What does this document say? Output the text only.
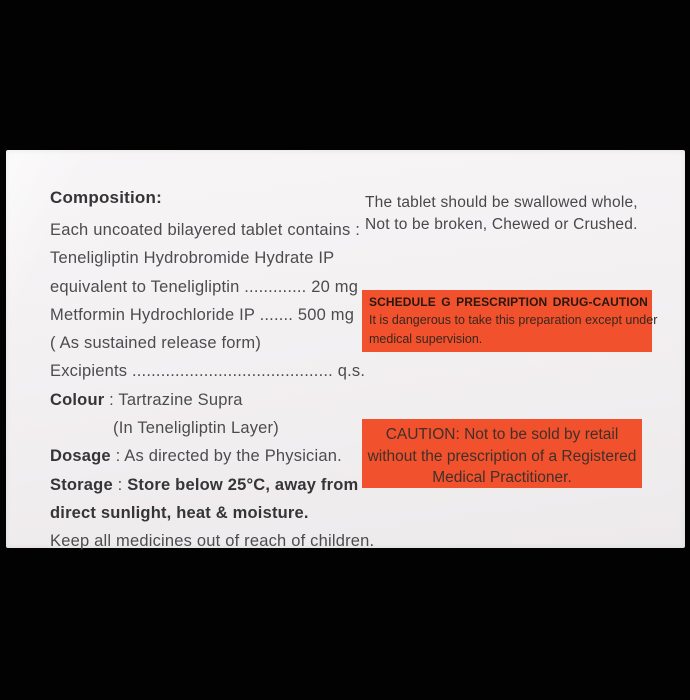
Composition:
Each uncoated bilayered tablet contains :
Teneligliptin Hydrobromide Hydrate IP
equivalent to Teneligliptin ............. 20 mg
Metformin Hydrochloride IP ....... 500 mg
( As sustained release form)
Excipients .......................................... q.s.
Colour : Tartrazine Supra
(In Teneligliptin Layer)
Dosage : As directed by the Physician.
Storage : Store below 25°C, away from
direct sunlight, heat & moisture.
Keep all medicines out of reach of children.
The tablet should be swallowed whole,
Not to be broken, Chewed or Crushed.
SCHEDULE G PRESCRIPTION DRUG-CAUTION
It is dangerous to take this preparation except under
medical supervision.
CAUTION: Not to be sold by retail
without the prescription of a Registered
Medical Practitioner.
